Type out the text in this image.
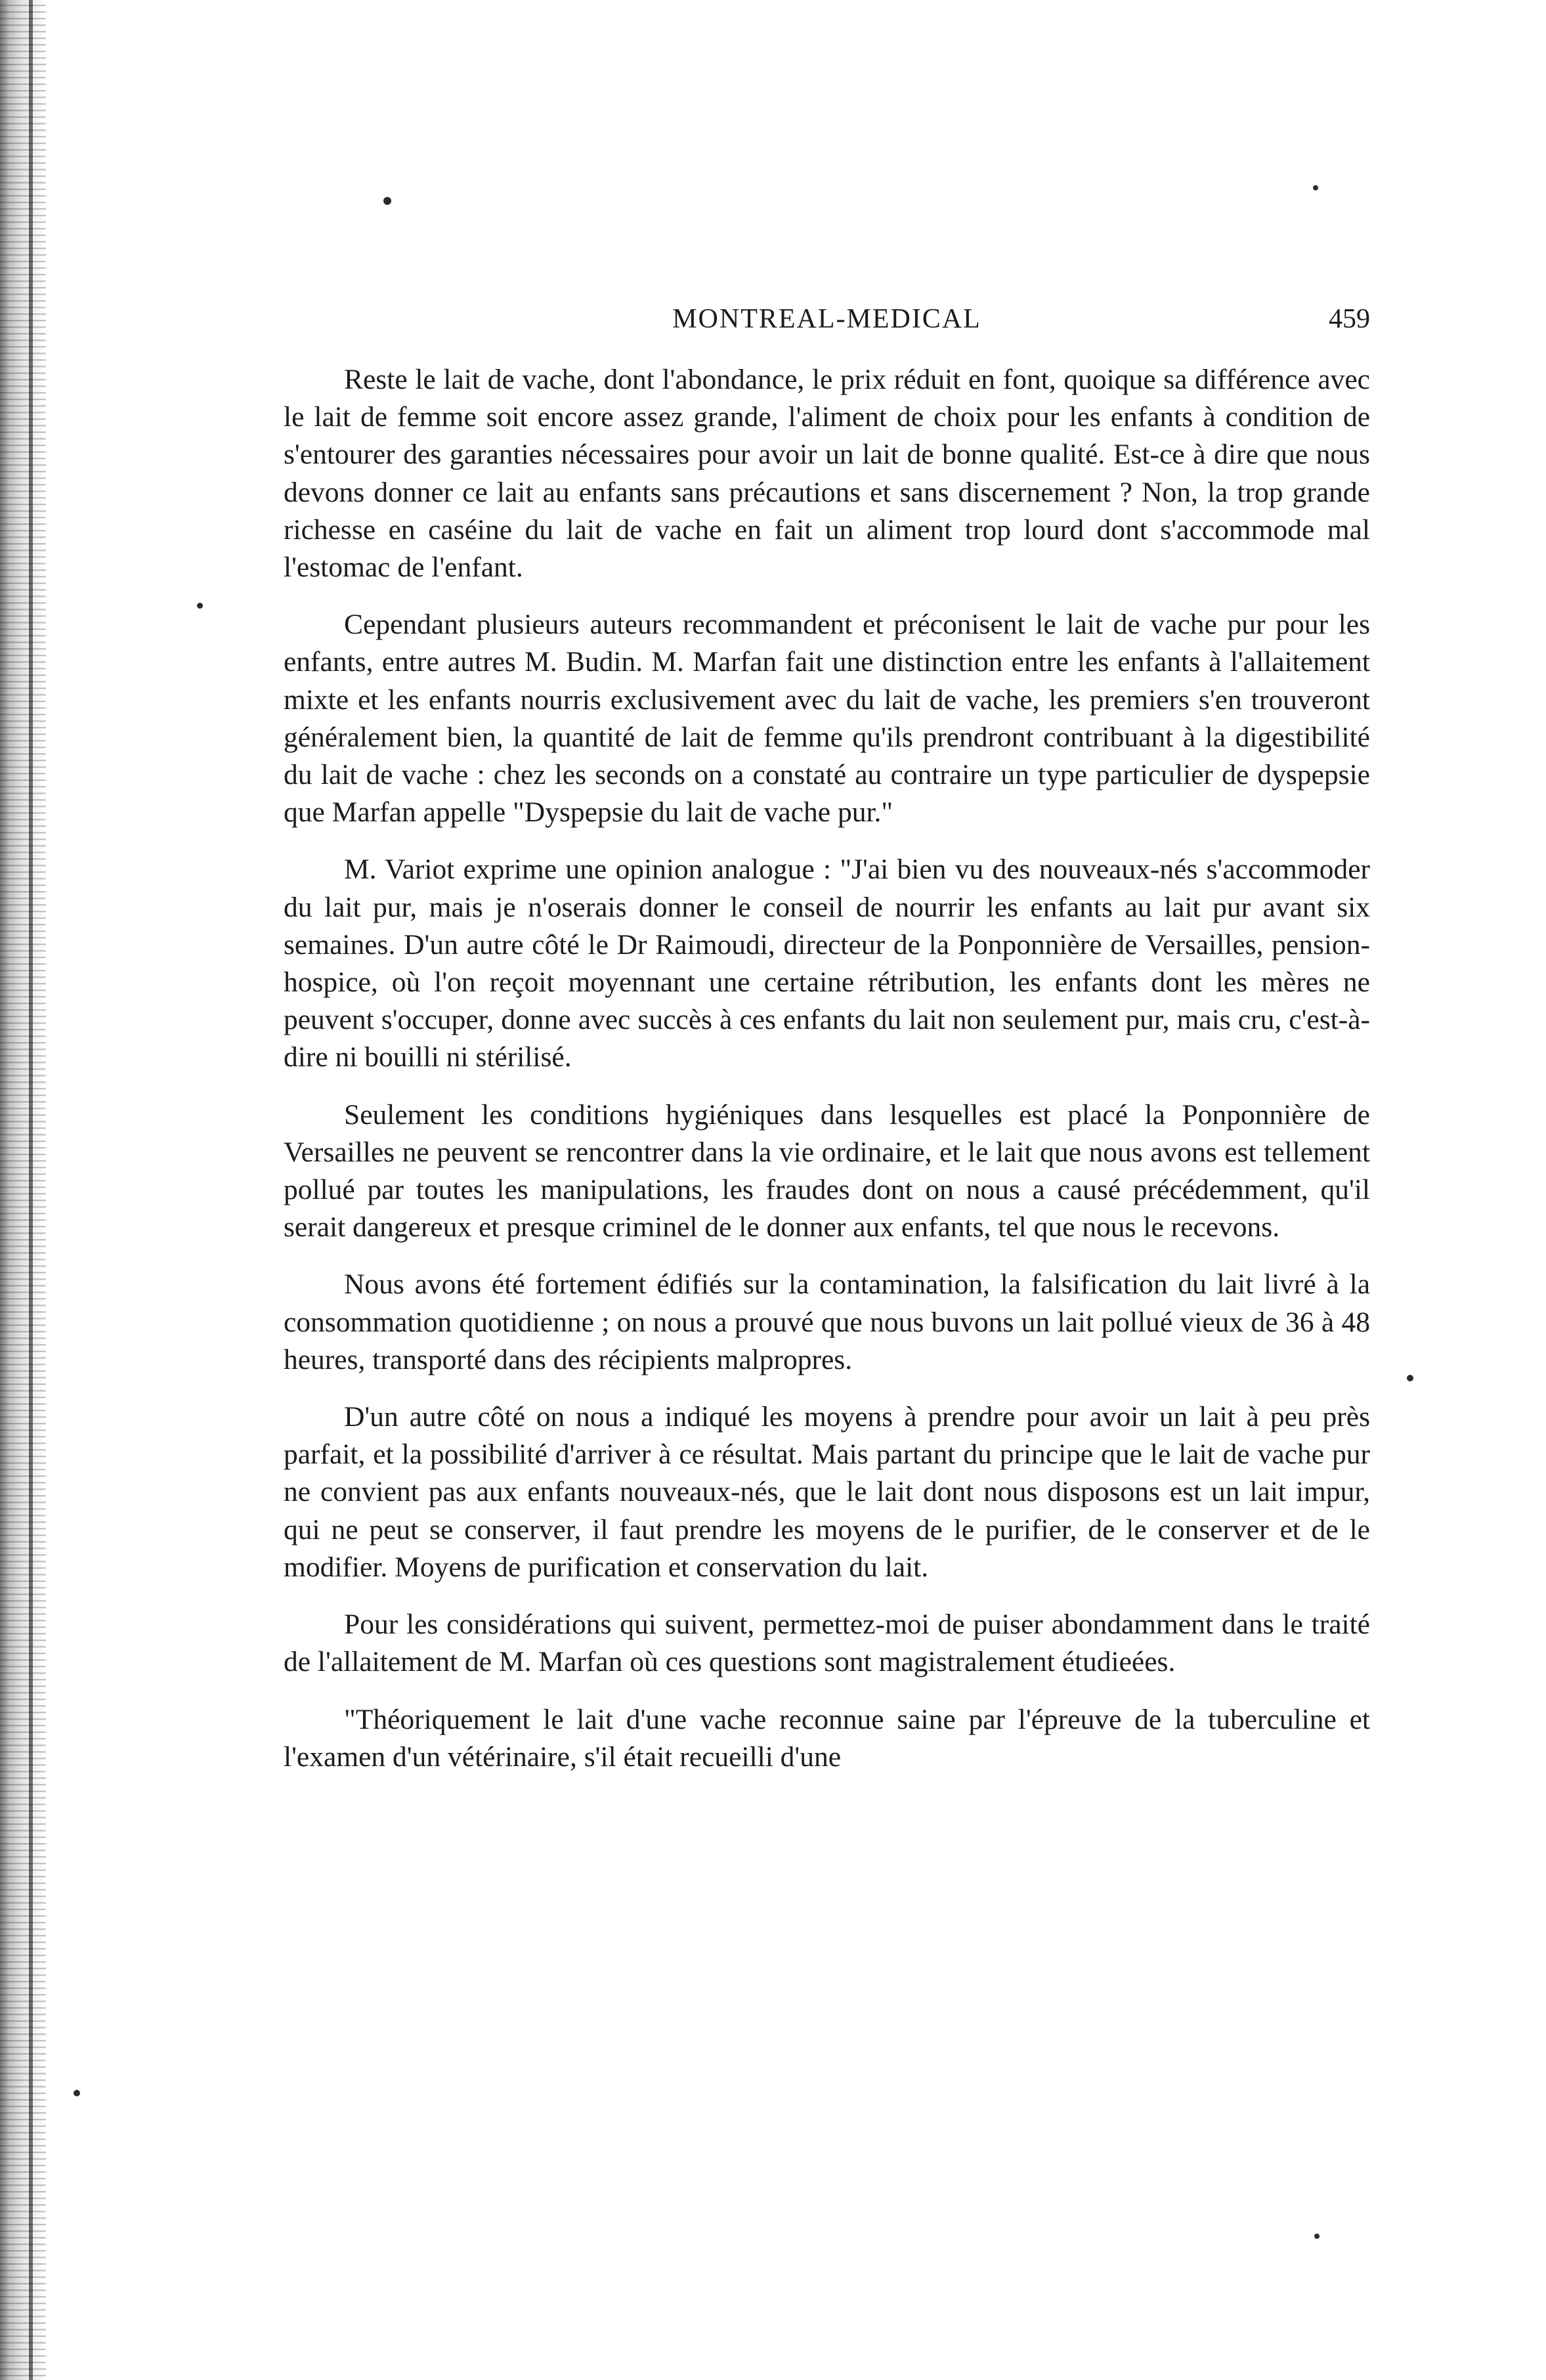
MONTREAL-MEDICAL	459

Reste le lait de vache, dont l'abondance, le prix réduit en font, quoique sa différence avec le lait de femme soit encore assez grande, l'aliment de choix pour les enfants à condition de s'entourer des garanties nécessaires pour avoir un lait de bonne qualité. Est-ce à dire que nous devons donner ce lait au enfants sans précautions et sans discernement ? Non, la trop grande richesse en caséine du lait de vache en fait un aliment trop lourd dont s'accommode mal l'estomac de l'enfant.

Cependant plusieurs auteurs recommandent et préconisent le lait de vache pur pour les enfants, entre autres M. Budin. M. Marfan fait une distinction entre les enfants à l'allaitement mixte et les enfants nourris exclusivement avec du lait de vache, les premiers s'en trouveront généralement bien, la quantité de lait de femme qu'ils prendront contribuant à la digestibilité du lait de vache : chez les seconds on a constaté au contraire un type particulier de dyspepsie que Marfan appelle "Dyspepsie du lait de vache pur."

M. Variot exprime une opinion analogue : "J'ai bien vu des nouveaux-nés s'accommoder du lait pur, mais je n'oserais donner le conseil de nourrir les enfants au lait pur avant six semaines. D'un autre côté le Dr Raimoudi, directeur de la Ponponnière de Versailles, pension-hospice, où l'on reçoit moyennant une certaine rétribution, les enfants dont les mères ne peuvent s'occuper, donne avec succès à ces enfants du lait non seulement pur, mais cru, c'est-à-dire ni bouilli ni stérilisé.

Seulement les conditions hygiéniques dans lesquelles est placé la Ponponnière de Versailles ne peuvent se rencontrer dans la vie ordinaire, et le lait que nous avons est tellement pollué par toutes les manipulations, les fraudes dont on nous a causé précédemment, qu'il serait dangereux et presque criminel de le donner aux enfants, tel que nous le recevons.

Nous avons été fortement édifiés sur la contamination, la falsification du lait livré à la consommation quotidienne ; on nous a prouvé que nous buvons un lait pollué vieux de 36 à 48 heures, transporté dans des récipients malpropres.

D'un autre côté on nous a indiqué les moyens à prendre pour avoir un lait à peu près parfait, et la possibilité d'arriver à ce résultat. Mais partant du principe que le lait de vache pur ne convient pas aux enfants nouveaux-nés, que le lait dont nous disposons est un lait impur, qui ne peut se conserver, il faut prendre les moyens de le purifier, de le conserver et de le modifier. Moyens de purification et conservation du lait.

Pour les considérations qui suivent, permettez-moi de puiser abondamment dans le traité de l'allaitement de M. Marfan où ces questions sont magistralement étudieées.

"Théoriquement le lait d'une vache reconnue saine par l'épreuve de la tuberculine et l'examen d'un vétérinaire, s'il était recueilli d'une
